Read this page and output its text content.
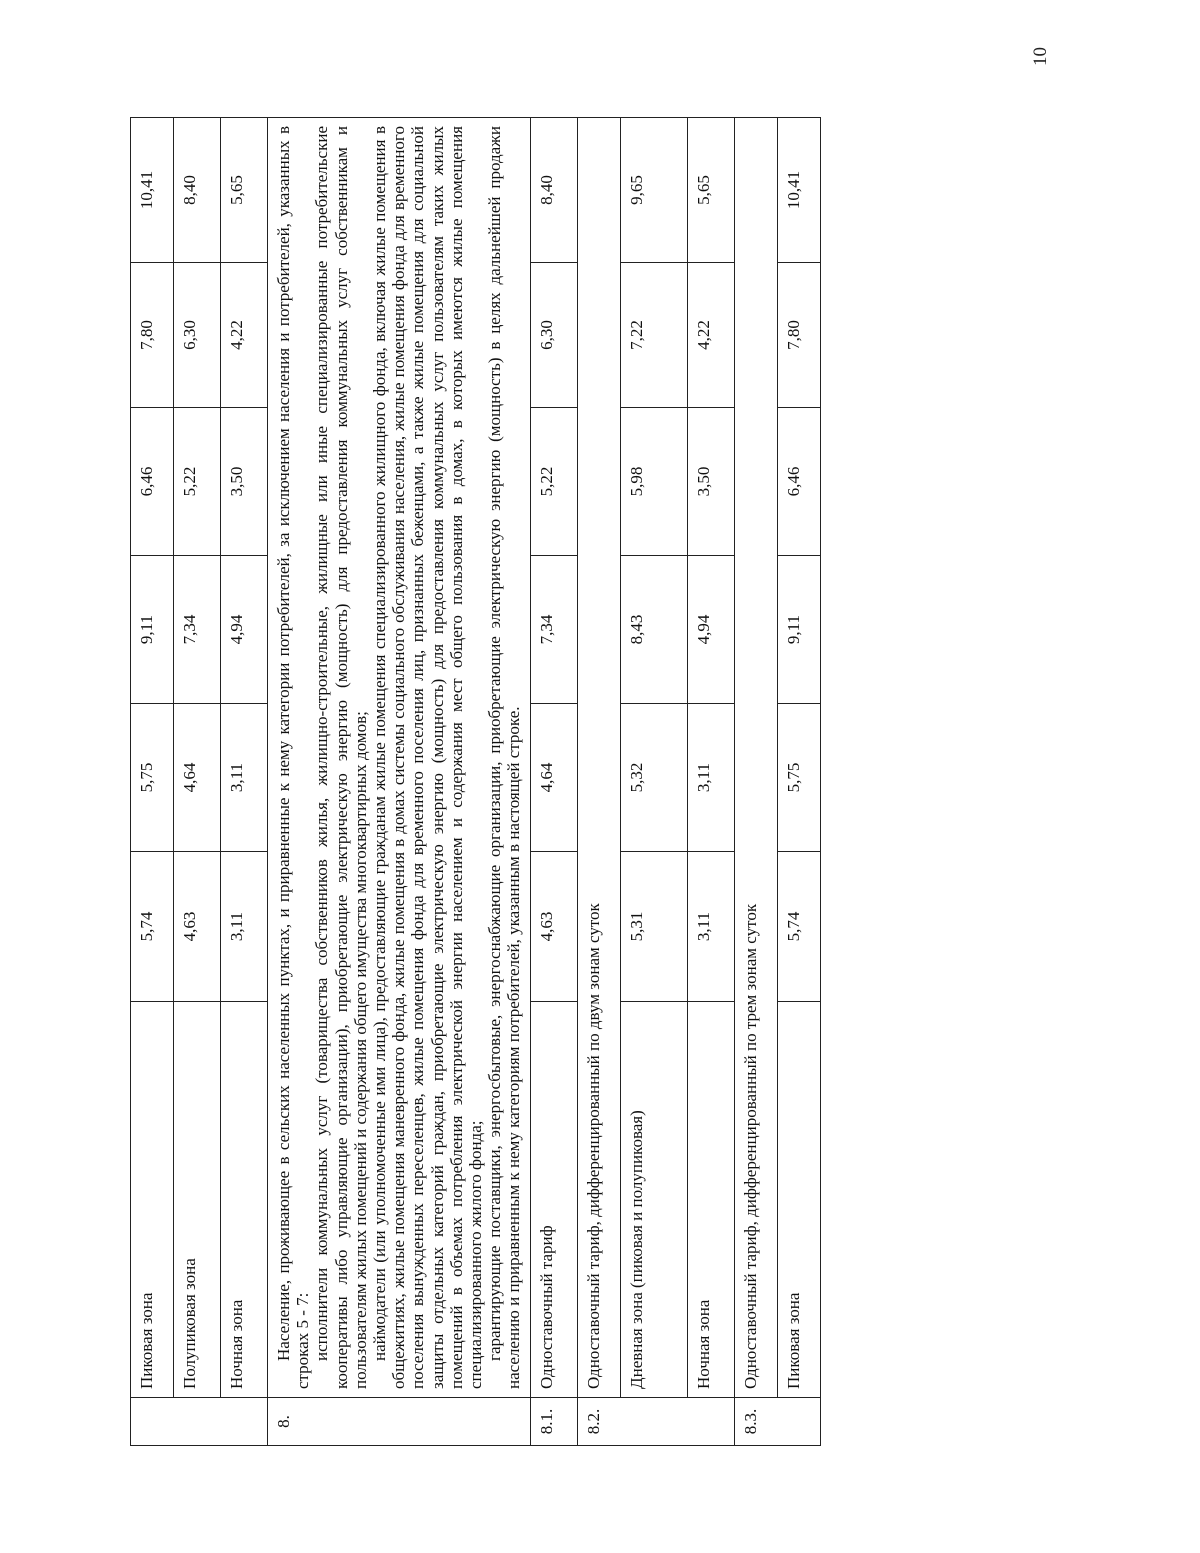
10
	Пиковая зона	5,74	5,75	9,11	6,46	7,80	10,41
	Полупиковая зона	4,63	4,64	7,34	5,22	6,30	8,40
	Ночная зона	3,11	3,11	4,94	3,50	4,22	5,65
8.	Население, проживающее в сельских населенных пунктах, и приравненные к нему категории потребителей, за исключением населения и потребителей, указанных в строках 5 - 7: исполнители коммунальных услуг (товарищества собственников жилья, жилищно-строительные, жилищные или иные специализированные потребительские кооперативы либо управляющие организации), приобретающие электрическую энергию (мощность) для предоставления коммунальных услуг собственникам и пользователям жилых помещений и содержания общего имущества многоквартирных домов; наймодатели (или уполномоченные ими лица), предоставляющие гражданам жилые помещения специализированного жилищного фонда, включая жилые помещения в общежитиях, жилые помещения маневренного фонда, жилые помещения в домах системы социального обслуживания населения, жилые помещения фонда для временного поселения вынужденных переселенцев, жилые помещения фонда для временного поселения лиц, признанных беженцами, а также жилые помещения для социальной защиты отдельных категорий граждан, приобретающие электрическую энергию (мощность) для предоставления коммунальных услуг пользователям таких жилых помещений в объемах потребления электрической энергии населением и содержания мест общего пользования в домах, в которых имеются жилые помещения специализированного жилого фонда; гарантирующие поставщики, энергосбытовые, энергоснабжающие организации, приобретающие электрическую энергию (мощность) в целях дальнейшей продажи населению и приравненным к нему категориям потребителей, указанным в настоящей строке.						

8.1.	Одноставочный тариф	4,63	4,64	7,34	5,22	6,30	8,40
8.2.	Одноставочный тариф, дифференцированный по двум зонам суток						
	Дневная зона (пиковая и полупиковая)	5,31	5,32	8,43	5,98	7,22	9,65
	Ночная зона	3,11	3,11	4,94	3,50	4,22	5,65
8.3.	Одноставочный тариф, дифференцированный по трем зонам суток						
	Пиковая зона	5,74	5,75	9,11	6,46	7,80	10,41
